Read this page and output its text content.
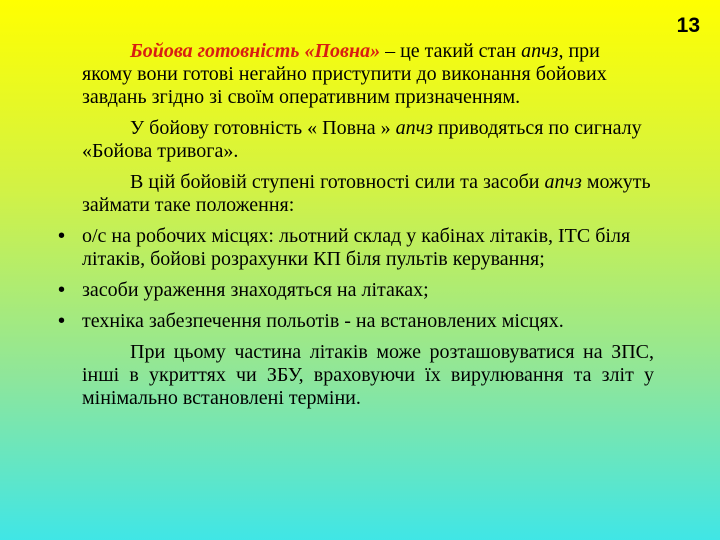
13

Бойова готовність «Повна» – це такий стан апчз, при якому вони готові негайно приступити до виконання бойових завдань згідно зі своїм оперативним призначенням.

У бойову готовність « Повна » апчз приводяться по сигналу «Бойова тривога».

В цій бойовій ступені готовності сили та засоби апчз можуть займати таке положення:

• о/с на робочих місцях: льотний склад у кабінах літаків, ІТС біля літаків, бойові розрахунки КП біля пультів керування;
• засоби ураження знаходяться на літаках;
• техніка забезпечення польотів - на встановлених місцях.

При цьому частина літаків може розташовуватися на ЗПС, інші в укриттях чи ЗБУ, враховуючи їх вирулювання та зліт у мінімально встановлені терміни.
